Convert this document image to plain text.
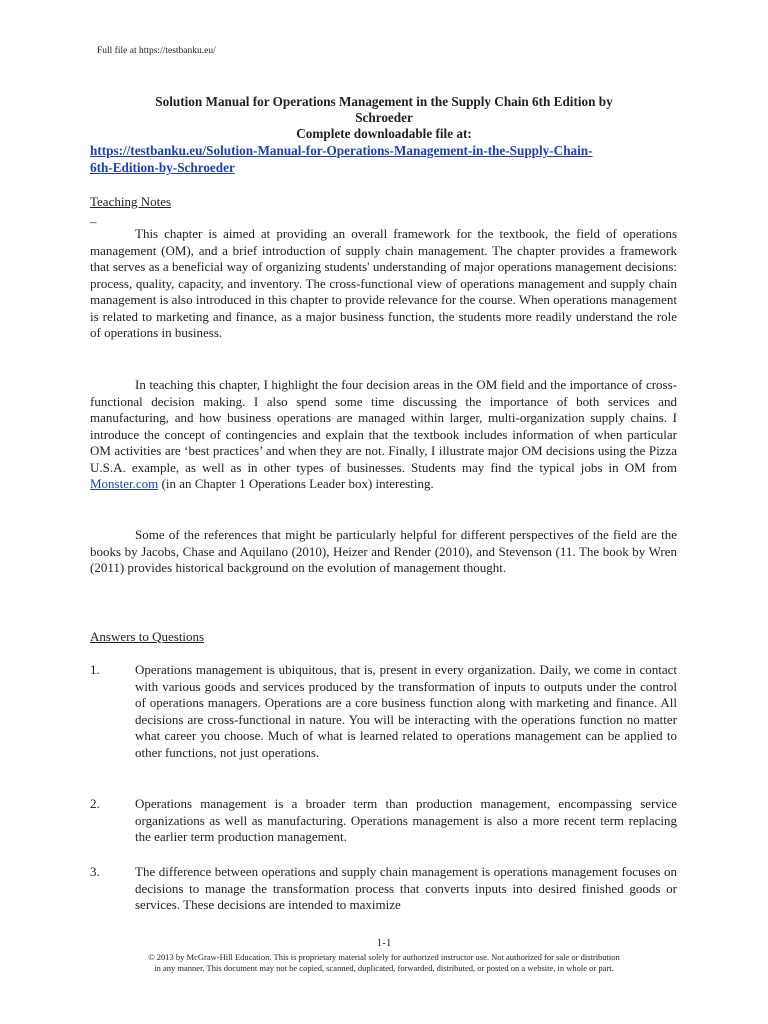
Full file at https://testbanku.eu/
Solution Manual for Operations Management in the Supply Chain 6th Edition by
Schroeder
Complete downloadable file at:
https://testbanku.eu/Solution-Manual-for-Operations-Management-in-the-Supply-Chain-
6th-Edition-by-Schroeder
Teaching Notes
–
This chapter is aimed at providing an overall framework for the textbook, the field of operations management (OM), and a brief introduction of supply chain management. The chapter provides a framework that serves as a beneficial way of organizing students' understanding of major operations management decisions: process, quality, capacity, and inventory. The cross-functional view of operations management and supply chain management is also introduced in this chapter to provide relevance for the course. When operations management is related to marketing and finance, as a major business function, the students more readily understand the role of operations in business.
In teaching this chapter, I highlight the four decision areas in the OM field and the importance of cross-functional decision making. I also spend some time discussing the importance of both services and manufacturing, and how business operations are managed within larger, multi-organization supply chains. I introduce the concept of contingencies and explain that the textbook includes information of when particular OM activities are ‘best practices’ and when they are not. Finally, I illustrate major OM decisions using the Pizza U.S.A. example, as well as in other types of businesses. Students may find the typical jobs in OM from Monster.com (in an Chapter 1 Operations Leader box) interesting.
Some of the references that might be particularly helpful for different perspectives of the field are the books by Jacobs, Chase and Aquilano (2010), Heizer and Render (2010), and Stevenson (11. The book by Wren (2011) provides historical background on the evolution of management thought.
Answers to Questions
1.	Operations management is ubiquitous, that is, present in every organization. Daily, we come in contact with various goods and services produced by the transformation of inputs to outputs under the control of operations managers. Operations are a core business function along with marketing and finance. All decisions are cross-functional in nature. You will be interacting with the operations function no matter what career you choose. Much of what is learned related to operations management can be applied to other functions, not just operations.
2.	Operations management is a broader term than production management, encompassing service organizations as well as manufacturing. Operations management is also a more recent term replacing the earlier term production management.
3.	The difference between operations and supply chain management is operations management focuses on decisions to manage the transformation process that converts inputs into desired finished goods or services. These decisions are intended to maximize
1-1
© 2013 by McGraw-Hill Education. This is proprietary material solely for authorized instructor use. Not authorized for sale or distribution
in any manner. This document may not be copied, scanned, duplicated, forwarded, distributed, or posted on a website, in whole or part.
